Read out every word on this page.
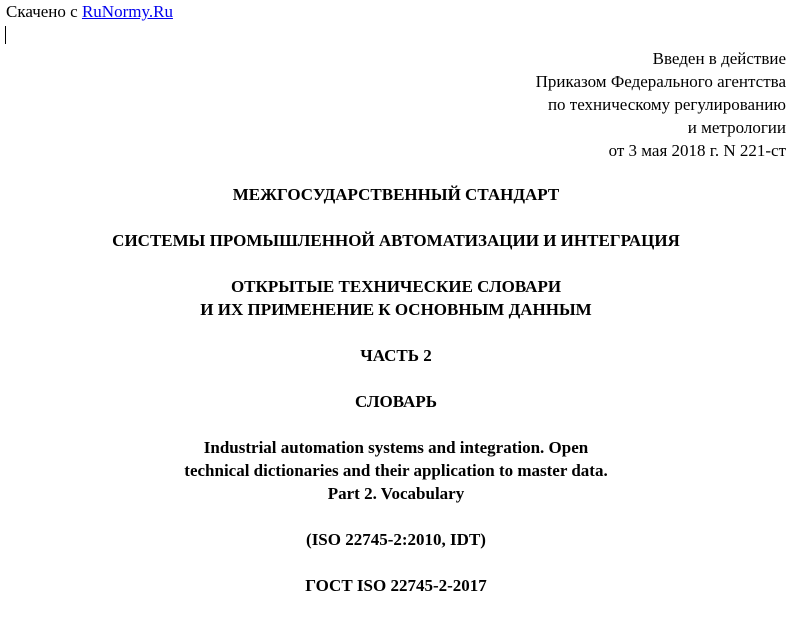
Скачено с RuNormy.Ru
Введен в действие
Приказом Федерального агентства
по техническому регулированию
и метрологии
от 3 мая 2018 г. N 221-ст
МЕЖГОСУДАРСТВЕННЫЙ СТАНДАРТ
СИСТЕМЫ ПРОМЫШЛЕННОЙ АВТОМАТИЗАЦИИ И ИНТЕГРАЦИЯ
ОТКРЫТЫЕ ТЕХНИЧЕСКИЕ СЛОВАРИ
И ИХ ПРИМЕНЕНИЕ К ОСНОВНЫМ ДАННЫМ
ЧАСТЬ 2
СЛОВАРЬ
Industrial automation systems and integration. Open
technical dictionaries and their application to master data.
Part 2. Vocabulary
(ISO 22745-2:2010, IDT)
ГОСТ ISO 22745-2-2017
